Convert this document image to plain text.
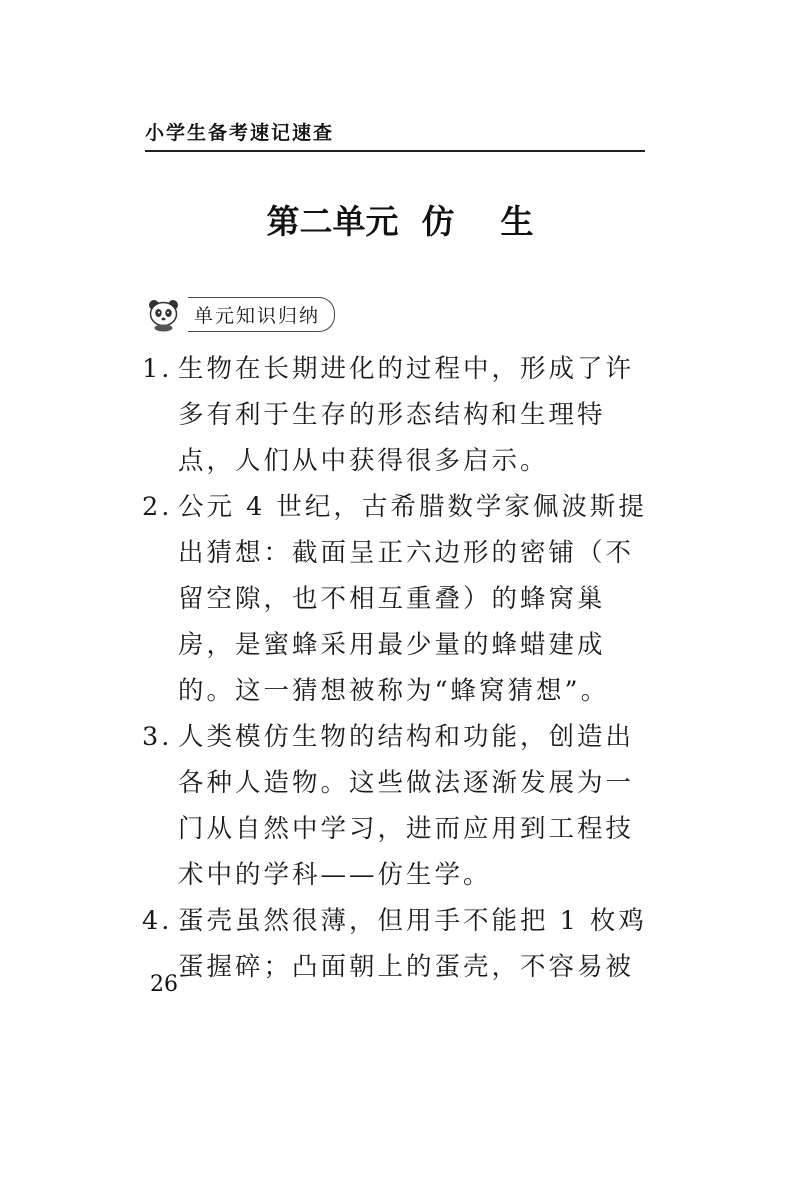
小学生备考速记速查
第二单元  仿    生
单元知识归纳
1. 生物在长期进化的过程中，形成了许多有利于生存的形态结构和生理特点，人们从中获得很多启示。
2. 公元 4 世纪，古希腊数学家佩波斯提出猜想：截面呈正六边形的密铺（不留空隙，也不相互重叠）的蜂窝巢房，是蜜蜂采用最少量的蜂蜡建成的。这一猜想被称为“蜂窝猜想”。
3. 人类模仿生物的结构和功能，创造出各种人造物。这些做法逐渐发展为一门从自然中学习，进而应用到工程技术中的学科——仿生学。
4. 蛋壳虽然很薄，但用手不能把 1 枚鸡蛋握碎；凸面朝上的蛋壳，不容易被
26
